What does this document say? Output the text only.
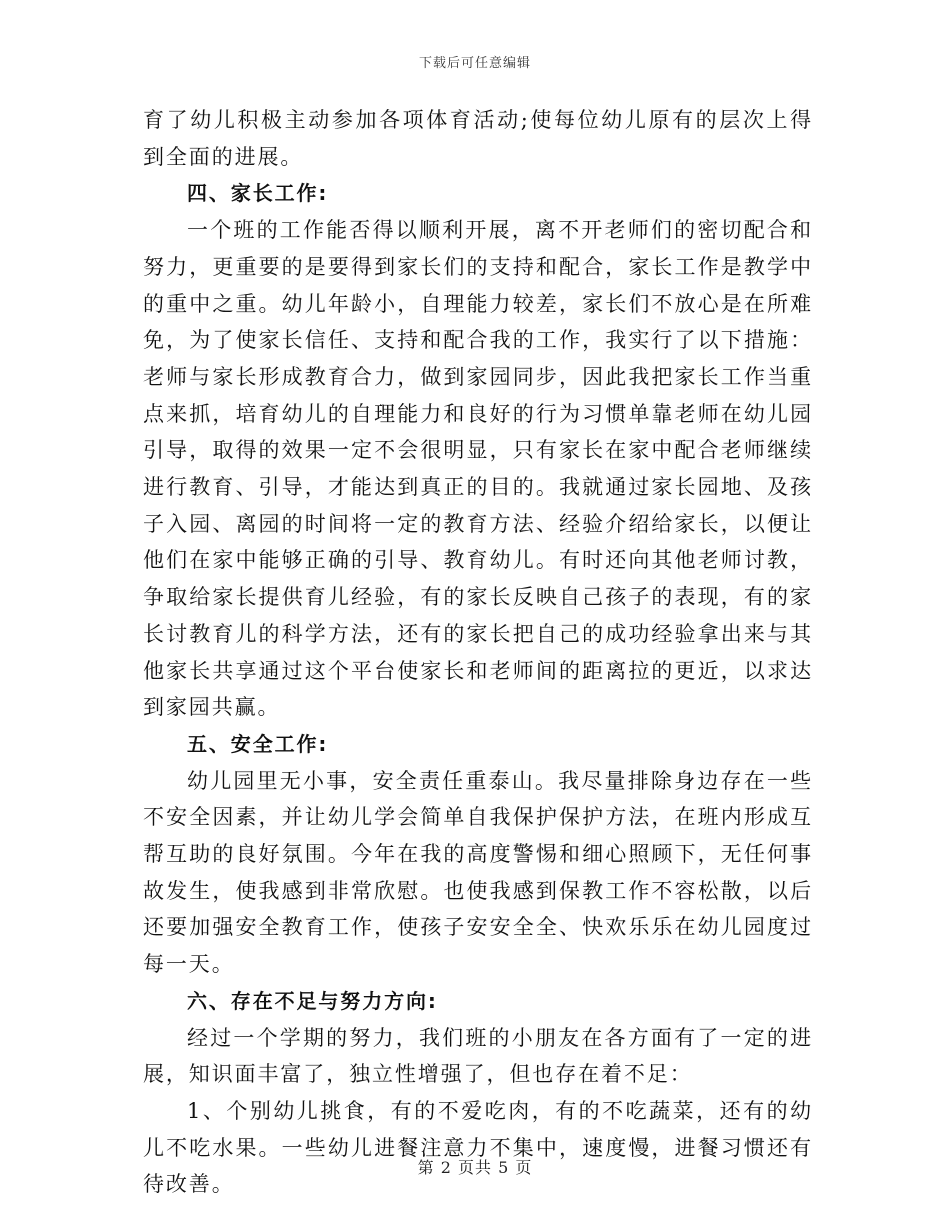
下载后可任意编辑

育了幼儿积极主动参加各项体育活动;使每位幼儿原有的层次上得到全面的进展。

四、家长工作:

一个班的工作能否得以顺利开展，离不开老师们的密切配合和努力，更重要的是要得到家长们的支持和配合，家长工作是教学中的重中之重。幼儿年龄小，自理能力较差，家长们不放心是在所难免，为了使家长信任、支持和配合我的工作，我实行了以下措施：老师与家长形成教育合力，做到家园同步，因此我把家长工作当重点来抓，培育幼儿的自理能力和良好的行为习惯单靠老师在幼儿园引导，取得的效果一定不会很明显，只有家长在家中配合老师继续进行教育、引导，才能达到真正的目的。我就通过家长园地、及孩子入园、离园的时间将一定的教育方法、经验介绍给家长，以便让他们在家中能够正确的引导、教育幼儿。有时还向其他老师讨教，争取给家长提供育儿经验，有的家长反映自己孩子的表现，有的家长讨教育儿的科学方法，还有的家长把自己的成功经验拿出来与其他家长共享通过这个平台使家长和老师间的距离拉的更近，以求达到家园共赢。

五、安全工作:

幼儿园里无小事，安全责任重泰山。我尽量排除身边存在一些不安全因素，并让幼儿学会简单自我保护保护方法，在班内形成互帮互助的良好氛围。今年在我的高度警惕和细心照顾下，无任何事故发生，使我感到非常欣慰。也使我感到保教工作不容松散，以后还要加强安全教育工作，使孩子安安全全、快欢乐乐在幼儿园度过每一天。

六、存在不足与努力方向:

经过一个学期的努力，我们班的小朋友在各方面有了一定的进展，知识面丰富了，独立性增强了，但也存在着不足：

1、个别幼儿挑食，有的不爱吃肉，有的不吃蔬菜，还有的幼儿不吃水果。一些幼儿进餐注意力不集中，速度慢，进餐习惯还有待改善。

第 2 页共 5 页
